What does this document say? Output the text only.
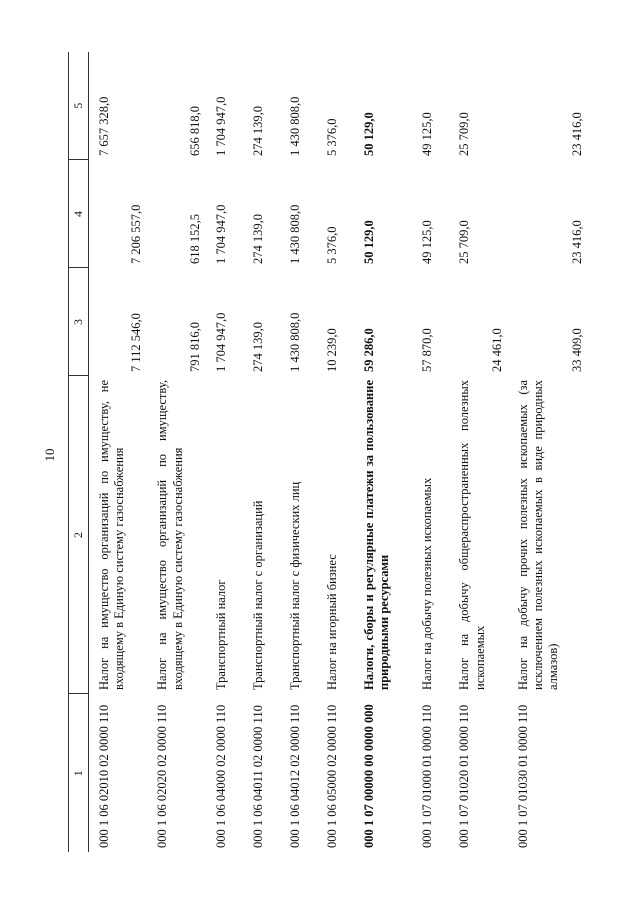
10
1	2	3	4	5
000 1 06 02010 02 0000 110	Налог на имущество организаций по имуществу, не входящему в Единую систему газоснабжения	7 112 546,0	7 206 557,0	7 657 328,0
000 1 06 02020 02 0000 110	Налог на имущество организаций по имуществу, входящему в Единую систему газоснабжения	791 816,0	618 152,5	656 818,0
000 1 06 04000 02 0000 110	Транспортный налог	1 704 947,0	1 704 947,0	1 704 947,0
000 1 06 04011 02 0000 110	Транспортный налог с организаций	274 139,0	274 139,0	274 139,0
000 1 06 04012 02 0000 110	Транспортный налог с физических лиц	1 430 808,0	1 430 808,0	1 430 808,0
000 1 06 05000 02 0000 110	Налог на игорный бизнес	10 239,0	5 376,0	5 376,0
000 1 07 00000 00 0000 000	Налоги, сборы и регулярные платежи за пользование природными ресурсами	59 286,0	50 129,0	50 129,0
000 1 07 01000 01 0000 110	Налог на добычу полезных ископаемых	57 870,0	49 125,0	49 125,0
000 1 07 01020 01 0000 110	Налог на добычу общераспространенных полезных ископаемых	24 461,0	25 709,0	25 709,0
000 1 07 01030 01 0000 110	Налог на добычу прочих полезных ископаемых (за исключением полезных ископаемых в виде природных алмазов)	33 409,0	23 416,0	23 416,0
